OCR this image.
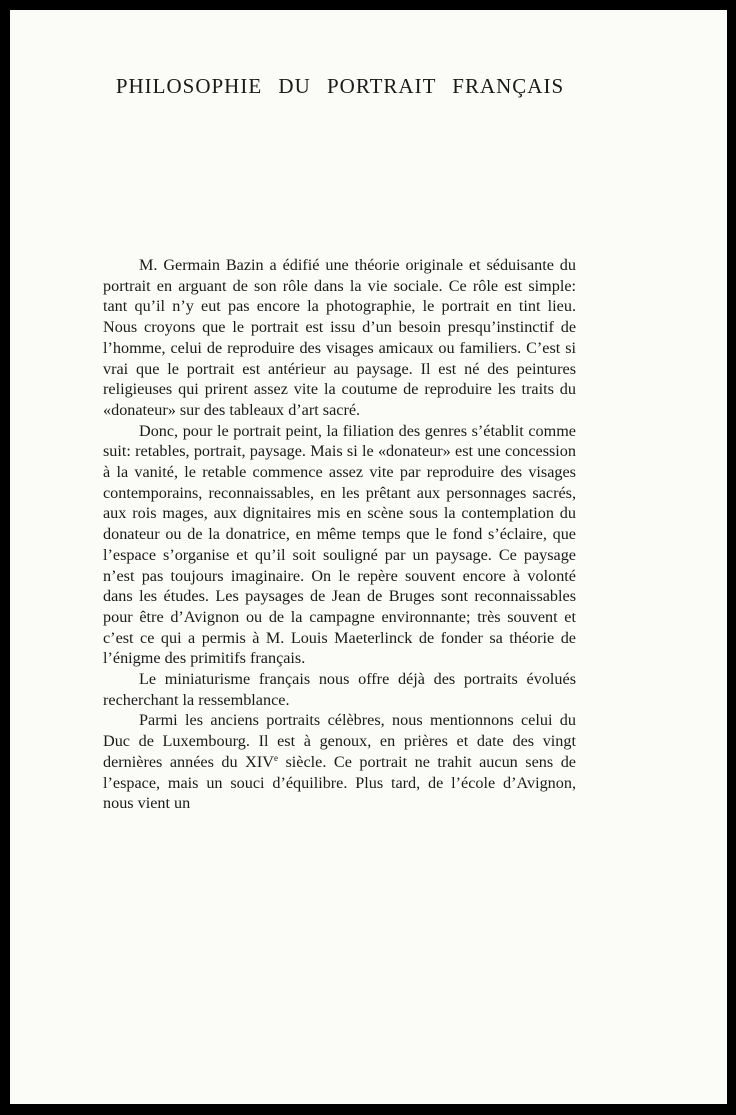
PHILOSOPHIE DU PORTRAIT FRANÇAIS

M. Germain Bazin a édifié une théorie originale et séduisante du portrait en arguant de son rôle dans la vie sociale. Ce rôle est simple: tant qu’il n’y eut pas encore la photographie, le portrait en tint lieu. Nous croyons que le portrait est issu d’un besoin presqu’instinctif de l’homme, celui de reproduire des visages amicaux ou familiers. C’est si vrai que le portrait est antérieur au paysage. Il est né des peintures religieuses qui prirent assez vite la coutume de reproduire les traits du «donateur» sur des tableaux d’art sacré.

Donc, pour le portrait peint, la filiation des genres s’établit comme suit: retables, portrait, paysage. Mais si le «donateur» est une concession à la vanité, le retable commence assez vite par reproduire des visages contemporains, reconnaissables, en les prêtant aux personnages sacrés, aux rois mages, aux dignitaires mis en scène sous la contemplation du donateur ou de la donatrice, en même temps que le fond s’éclaire, que l’espace s’organise et qu’il soit souligné par un paysage. Ce paysage n’est pas toujours imaginaire. On le repère souvent encore à volonté dans les études. Les paysages de Jean de Bruges sont reconnaissables pour être d’Avignon ou de la campagne environnante; très souvent et c’est ce qui a permis à M. Louis Maeterlinck de fonder sa théorie de l’énigme des primitifs français.

Le miniaturisme français nous offre déjà des portraits évolués recherchant la ressemblance.

Parmi les anciens portraits célèbres, nous mentionnons celui du Duc de Luxembourg. Il est à genoux, en prières et date des vingt dernières années du XIVe siècle. Ce portrait ne trahit aucun sens de l’espace, mais un souci d’équilibre. Plus tard, de l’école d’Avignon, nous vient un
